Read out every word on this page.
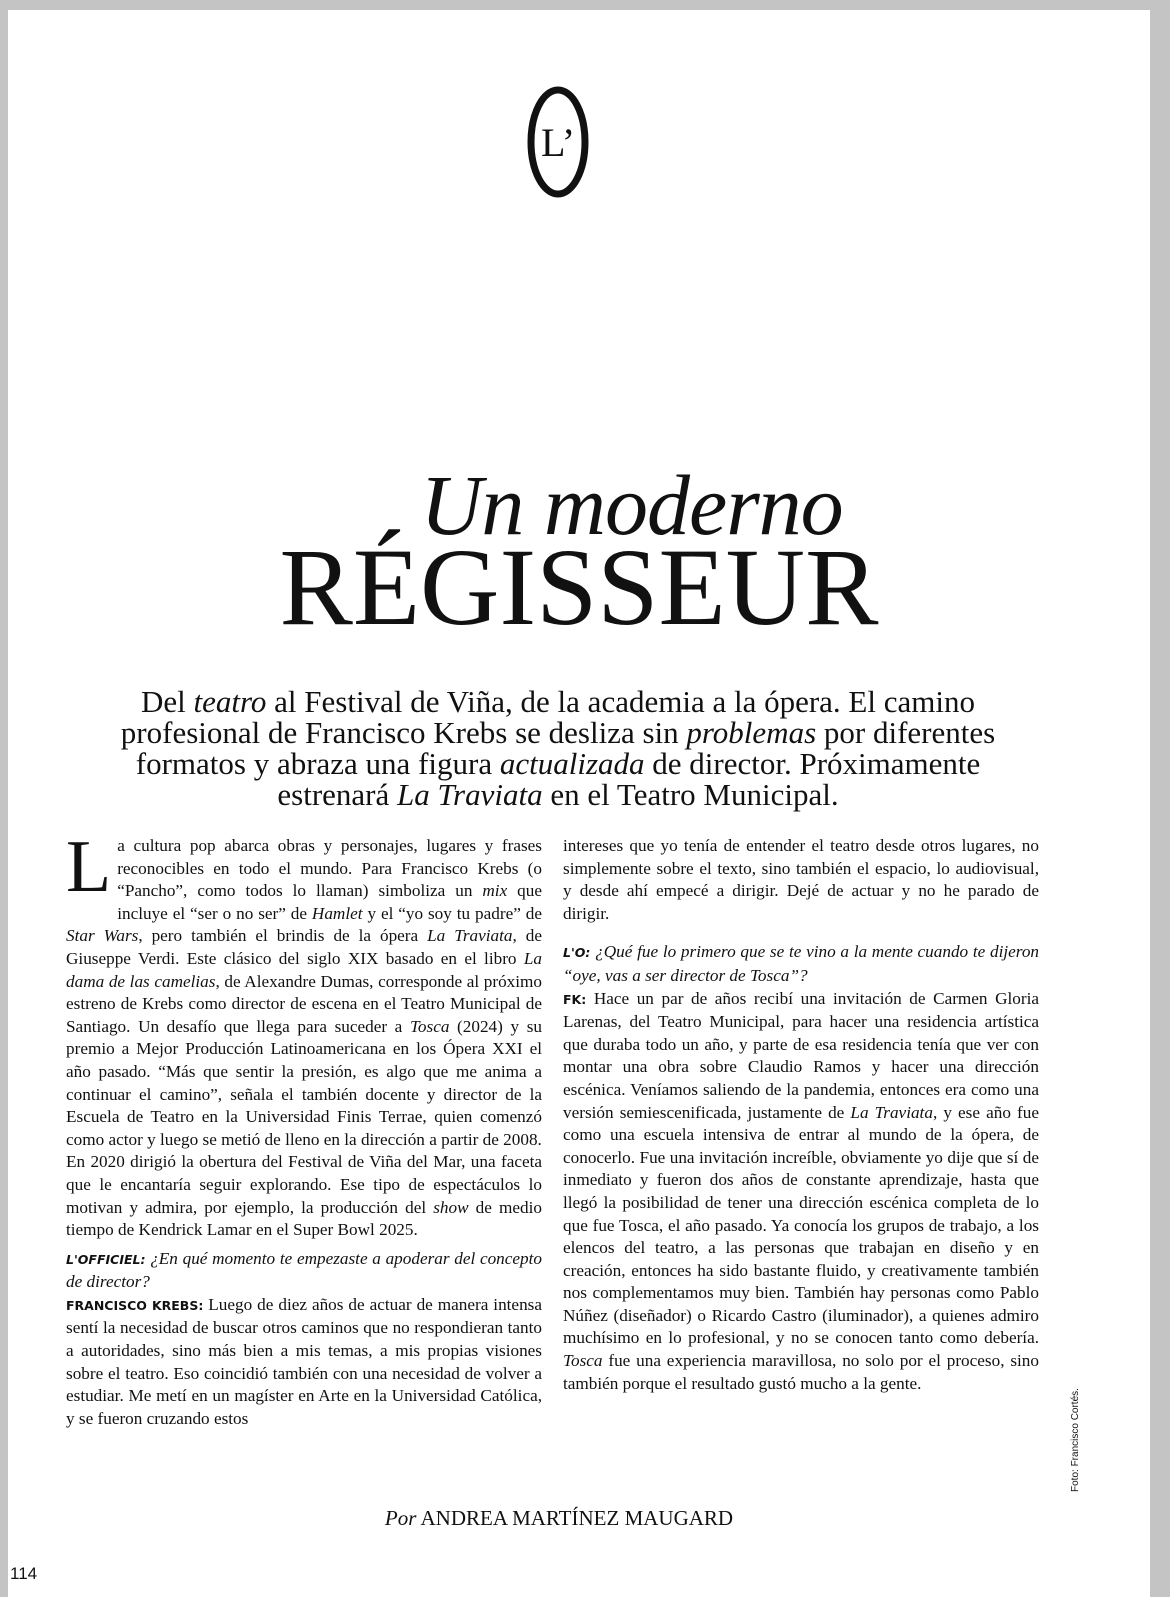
L’
Un moderno
RÉGISSEUR
Del teatro al Festival de Viña, de la academia a la ópera. El camino profesional de Francisco Krebs se desliza sin problemas por diferentes formatos y abraza una figura actualizada de director. Próximamente estrenará La Traviata en el Teatro Municipal.

La cultura pop abarca obras y personajes, lugares y frases reconocibles en todo el mundo. Para Francisco Krebs (o “Pancho”, como todos lo llaman) simboliza un mix que incluye el “ser o no ser” de Hamlet y el “yo soy tu padre” de Star Wars, pero también el brindis de la ópera La Traviata, de Giuseppe Verdi. Este clásico del siglo XIX basado en el libro La dama de las camelias, de Alexandre Dumas, corresponde al próximo estreno de Krebs como director de escena en el Teatro Municipal de Santiago. Un desafío que llega para suceder a Tosca (2024) y su premio a Mejor Producción Latinoamericana en los Ópera XXI el año pasado. “Más que sentir la presión, es algo que me anima a continuar el camino”, señala el también docente y director de la Escuela de Teatro en la Universidad Finis Terrae, quien comenzó como actor y luego se metió de lleno en la dirección a partir de 2008.

En 2020 dirigió la obertura del Festival de Viña del Mar, una faceta que le encantaría seguir explorando. Ese tipo de espectáculos lo motivan y admira, por ejemplo, la producción del show de medio tiempo de Kendrick Lamar en el Super Bowl 2025.

L'OFFICIEL: ¿En qué momento te empezaste a apoderar del concepto de director?

FRANCISCO KREBS: Luego de diez años de actuar de manera intensa sentí la necesidad de buscar otros caminos que no respondieran tanto a autoridades, sino más bien a mis temas, a mis propias visiones sobre el teatro. Eso coincidió también con una necesidad de volver a estudiar. Me metí en un magíster en Arte en la Universidad Católica, y se fueron cruzando estos

intereses que yo tenía de entender el teatro desde otros lugares, no simplemente sobre el texto, sino también el espacio, lo audiovisual, y desde ahí empecé a dirigir. Dejé de actuar y no he parado de dirigir.

L'O: ¿Qué fue lo primero que se te vino a la mente cuando te dijeron “oye, vas a ser director de Tosca”?

FK: Hace un par de años recibí una invitación de Carmen Gloria Larenas, del Teatro Municipal, para hacer una residencia artística que duraba todo un año, y parte de esa residencia tenía que ver con montar una obra sobre Claudio Ramos y hacer una dirección escénica. Veníamos saliendo de la pandemia, entonces era como una versión semiescenificada, justamente de La Traviata, y ese año fue como una escuela intensiva de entrar al mundo de la ópera, de conocerlo. Fue una invitación increíble, obviamente yo dije que sí de inmediato y fueron dos años de constante aprendizaje, hasta que llegó la posibilidad de tener una dirección escénica completa de lo que fue Tosca, el año pasado. Ya conocía los grupos de trabajo, a los elencos del teatro, a las personas que trabajan en diseño y en creación, entonces ha sido bastante fluido, y creativamente también nos complementamos muy bien. También hay personas como Pablo Núñez (diseñador) o Ricardo Castro (iluminador), a quienes admiro muchísimo en lo profesional, y no se conocen tanto como debería. Tosca fue una experiencia maravillosa, no solo por el proceso, sino también porque el resultado gustó mucho a la gente.

Por ANDREA MARTÍNEZ MAUGARD
114
Foto: Francisco Cortés.
